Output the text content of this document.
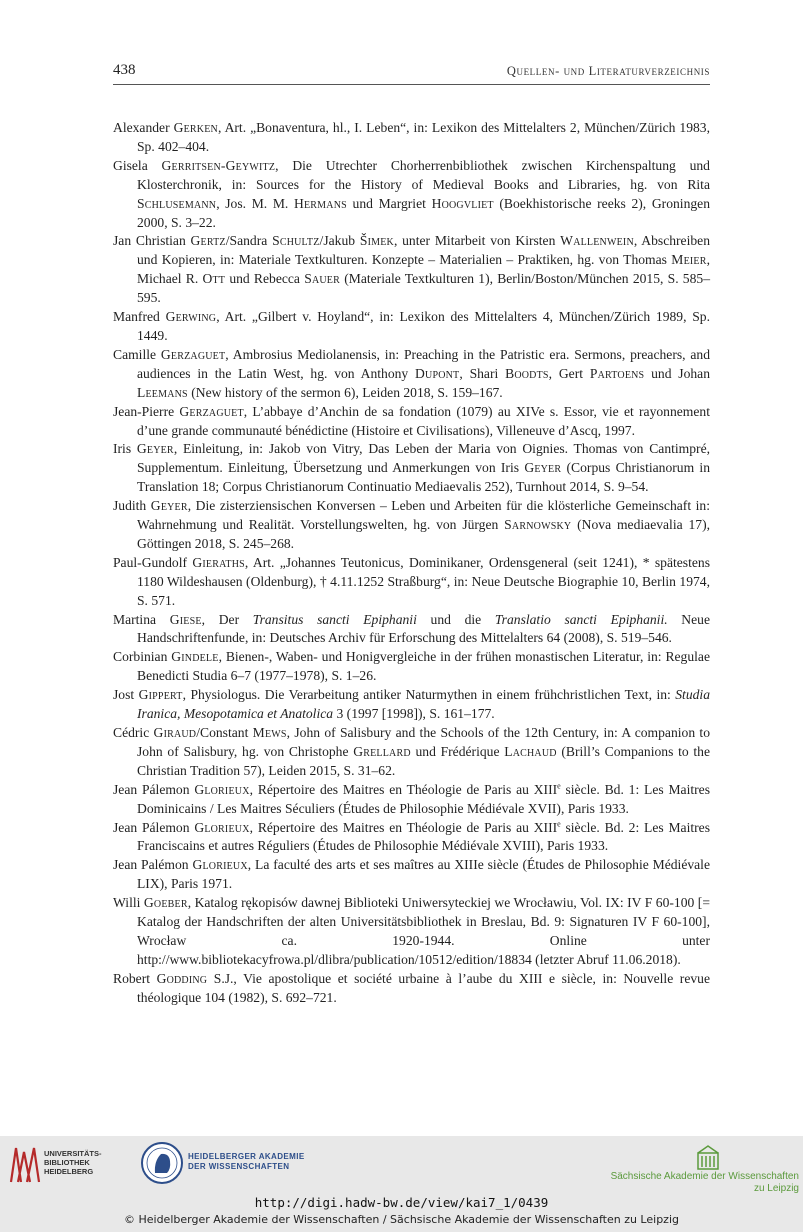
438	Quellen- und Literaturverzeichnis

Alexander Gerken, Art. „Bonaventura, hl., I. Leben“, in: Lexikon des Mittelalters 2, München/Zürich 1983, Sp. 402–404.

Gisela Gerritsen-Geywitz, Die Utrechter Chorherrenbibliothek zwischen Kirchenspaltung und Klosterchronik, in: Sources for the History of Medieval Books and Libraries, hg. von Rita Schlusemann, Jos. M. M. Hermans und Margriet Hoogvliet (Boekhistorische reeks 2), Groningen 2000, S. 3–22.

Jan Christian Gertz/Sandra Schultz/Jakub Šimek, unter Mitarbeit von Kirsten Wallenwein, Abschreiben und Kopieren, in: Materiale Textkulturen. Konzepte – Materialien – Praktiken, hg. von Thomas Meier, Michael R. Ott und Rebecca Sauer (Materiale Textkulturen 1), Berlin/Boston/München 2015, S. 585–595.

Manfred Gerwing, Art. „Gilbert v. Hoyland“, in: Lexikon des Mittelalters 4, München/Zürich 1989, Sp. 1449.

Camille Gerzaguet, Ambrosius Mediolanensis, in: Preaching in the Patristic era. Sermons, preachers, and audiences in the Latin West, hg. von Anthony Dupont, Shari Boodts, Gert Partoens und Johan Leemans (New history of the sermon 6), Leiden 2018, S. 159–167.

Jean-Pierre Gerzaguet, L’abbaye d’Anchin de sa fondation (1079) au XIVe s. Essor, vie et rayonnement d’une grande communauté bénédictine (Histoire et Civilisations), Villeneuve d’Ascq, 1997.

Iris Geyer, Einleitung, in: Jakob von Vitry, Das Leben der Maria von Oignies. Thomas von Cantimpré, Supplementum. Einleitung, Übersetzung und Anmerkungen von Iris Geyer (Corpus Christianorum in Translation 18; Corpus Christianorum Continuatio Mediaevalis 252), Turnhout 2014, S. 9–54.

Judith Geyer, Die zisterziensischen Konversen – Leben und Arbeiten für die klösterliche Gemeinschaft in: Wahrnehmung und Realität. Vorstellungswelten, hg. von Jürgen Sarnowsky (Nova mediaevalia 17), Göttingen 2018, S. 245–268.

Paul-Gundolf Gieraths, Art. „Johannes Teutonicus, Dominikaner, Ordensgeneral (seit 1241), * spätestens 1180 Wildeshausen (Oldenburg), † 4.11.1252 Straßburg“, in: Neue Deutsche Biographie 10, Berlin 1974, S. 571.

Martina Giese, Der Transitus sancti Epiphanii und die Translatio sancti Epiphanii. Neue Handschriftenfunde, in: Deutsches Archiv für Erforschung des Mittelalters 64 (2008), S. 519–546.

Corbinian Gindele, Bienen-, Waben- und Honigvergleiche in der frühen monastischen Literatur, in: Regulae Benedicti Studia 6–7 (1977–1978), S. 1–26.

Jost Gippert, Physiologus. Die Verarbeitung antiker Naturmythen in einem frühchristlichen Text, in: Studia Iranica, Mesopotamica et Anatolica 3 (1997 [1998]), S. 161–177.

Cédric Giraud/Constant Mews, John of Salisbury and the Schools of the 12th Century, in: A companion to John of Salisbury, hg. von Christophe Grellard und Frédérique Lachaud (Brill’s Companions to the Christian Tradition 57), Leiden 2015, S. 31–62.

Jean Pálemon Glorieux, Répertoire des Maitres en Théologie de Paris au XIIIe siècle. Bd. 1: Les Maitres Dominicains / Les Maitres Séculiers (Études de Philosophie Médiévale XVII), Paris 1933.

Jean Pálemon Glorieux, Répertoire des Maitres en Théologie de Paris au XIIIe siècle. Bd. 2: Les Maitres Franciscains et autres Réguliers (Études de Philosophie Médiévale XVIII), Paris 1933.

Jean Palémon Glorieux, La faculté des arts et ses maîtres au XIIIe siècle (Études de Philosophie Médiévale LIX), Paris 1971.

Willi Goeber, Katalog rękopisów dawnej Biblioteki Uniwersyteckiej we Wrocławiu, Vol. IX: IV F 60-100 [= Katalog der Handschriften der alten Universitätsbibliothek in Breslau, Bd. 9: Signaturen IV F 60-100], Wrocław ca. 1920-1944. Online unter http://www.bibliotekacyfrowa.pl/dlibra/publication/10512/edition/18834 (letzter Abruf 11.06.2018).

Robert Godding S.J., Vie apostolique et société urbaine à l’aube du XIII e siècle, in: Nouvelle revue théologique 104 (1982), S. 692–721.

UNIVERSITÄTS-
BIBLIOTHEK
HEIDELBERG
HEIDELBERGER AKADEMIE
DER WISSENSCHAFTEN
Sächsische Akademie der Wissenschaften
zu Leipzig
http://digi.hadw-bw.de/view/kai7_1/0439
© Heidelberger Akademie der Wissenschaften / Sächsische Akademie der Wissenschaften zu Leipzig
